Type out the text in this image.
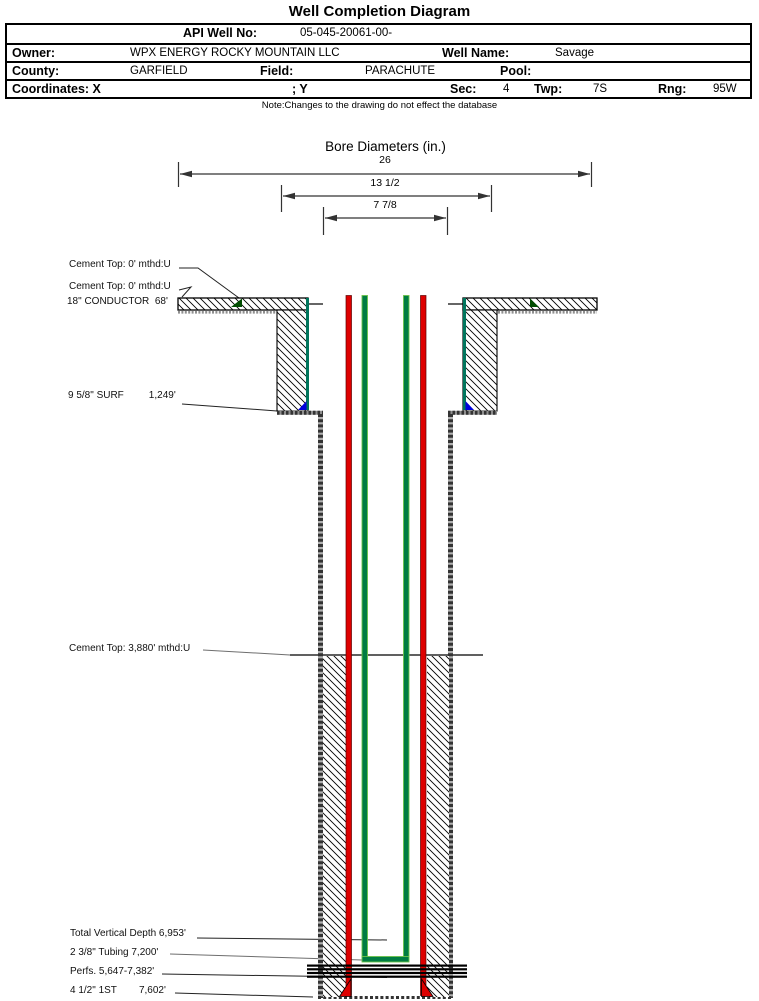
Well Completion Diagram
API Well No:	05-045-20061-00-
Owner:	WPX ENERGY ROCKY MOUNTAIN LLC	Well Name:	Savage
County:	GARFIELD	Field:	PARACHUTE	Pool:
Coordinates: X	; Y	Sec: 4 Twp:	7S	Rng: 95W
Note:Changes to the drawing do not effect the database
Bore Diameters (in.)
26
13 1/2
7 7/8
Cement Top: 0' mthd:U
Cement Top: 0' mthd:U
18" CONDUCTOR  68'
9 5/8" SURF         1,249'
Cement Top: 3,880' mthd:U
Total Vertical Depth 6,953'
2 3/8" Tubing 7,200'
Perfs. 5,647-7,382'
4 1/2" 1ST        7,602'
